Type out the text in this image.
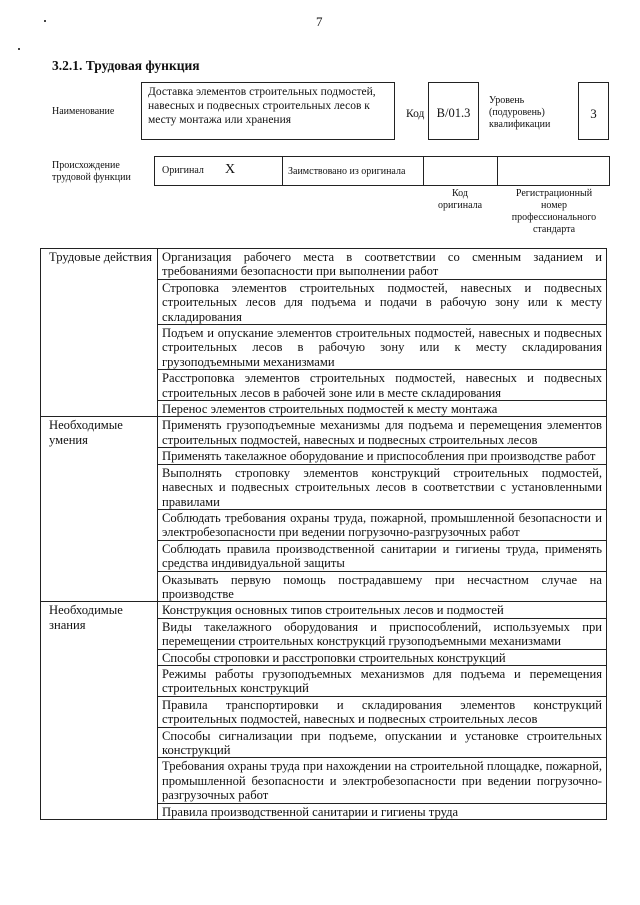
7
3.2.1. Трудовая функция
Наименование
Доставка элементов строительных подмостей, навесных и подвесных строительных лесов к месту монтажа или хранения	Код В/01.3
Уровень (подуровень) квалификации
3
Происхождение трудовой функции
Оригинал X	Заимствовано из оригинала
Код оригинала
Регистрационный номер профессионального стандарта
Трудовые действия	Организация рабочего места в соответствии со сменным заданием и требованиями безопасности при выполнении работ
	Строповка элементов строительных подмостей, навесных и подвесных строительных лесов для подъема и подачи в рабочую зону или к месту складирования
	Подъем и опускание элементов строительных подмостей, навесных и подвесных строительных лесов в рабочую зону или к месту складирования грузоподъемными механизмами
	Расстроповка элементов строительных подмостей, навесных и подвесных строительных лесов в рабочей зоне или в месте складирования
	Перенос элементов строительных подмостей к месту монтажа
Необходимые умения	Применять грузоподъемные механизмы для подъема и перемещения элементов строительных подмостей, навесных и подвесных строительных лесов
	Применять такелажное оборудование и приспособления при производстве работ
	Выполнять строповку элементов конструкций строительных подмостей, навесных и подвесных строительных лесов в соответствии с установленными правилами
	Соблюдать требования охраны труда, пожарной, промышленной безопасности и электробезопасности при ведении погрузочно-разгрузочных работ
	Соблюдать правила производственной санитарии и гигиены труда, применять средства индивидуальной защиты
	Оказывать первую помощь пострадавшему при несчастном случае на производстве
Необходимые знания	Конструкция основных типов строительных лесов и подмостей
	Виды такелажного оборудования и приспособлений, используемых при перемещении строительных конструкций грузоподъемными механизмами
	Способы строповки и расстроповки строительных конструкций
	Режимы работы грузоподъемных механизмов для подъема и перемещения строительных конструкций
	Правила транспортировки и складирования элементов конструкций строительных подмостей, навесных и подвесных строительных лесов
	Способы сигнализации при подъеме, опускании и установке строительных конструкций
	Требования охраны труда при нахождении на строительной площадке, пожарной, промышленной безопасности и электробезопасности при ведении погрузочно-разгрузочных работ
	Правила производственной санитарии и гигиены труда
